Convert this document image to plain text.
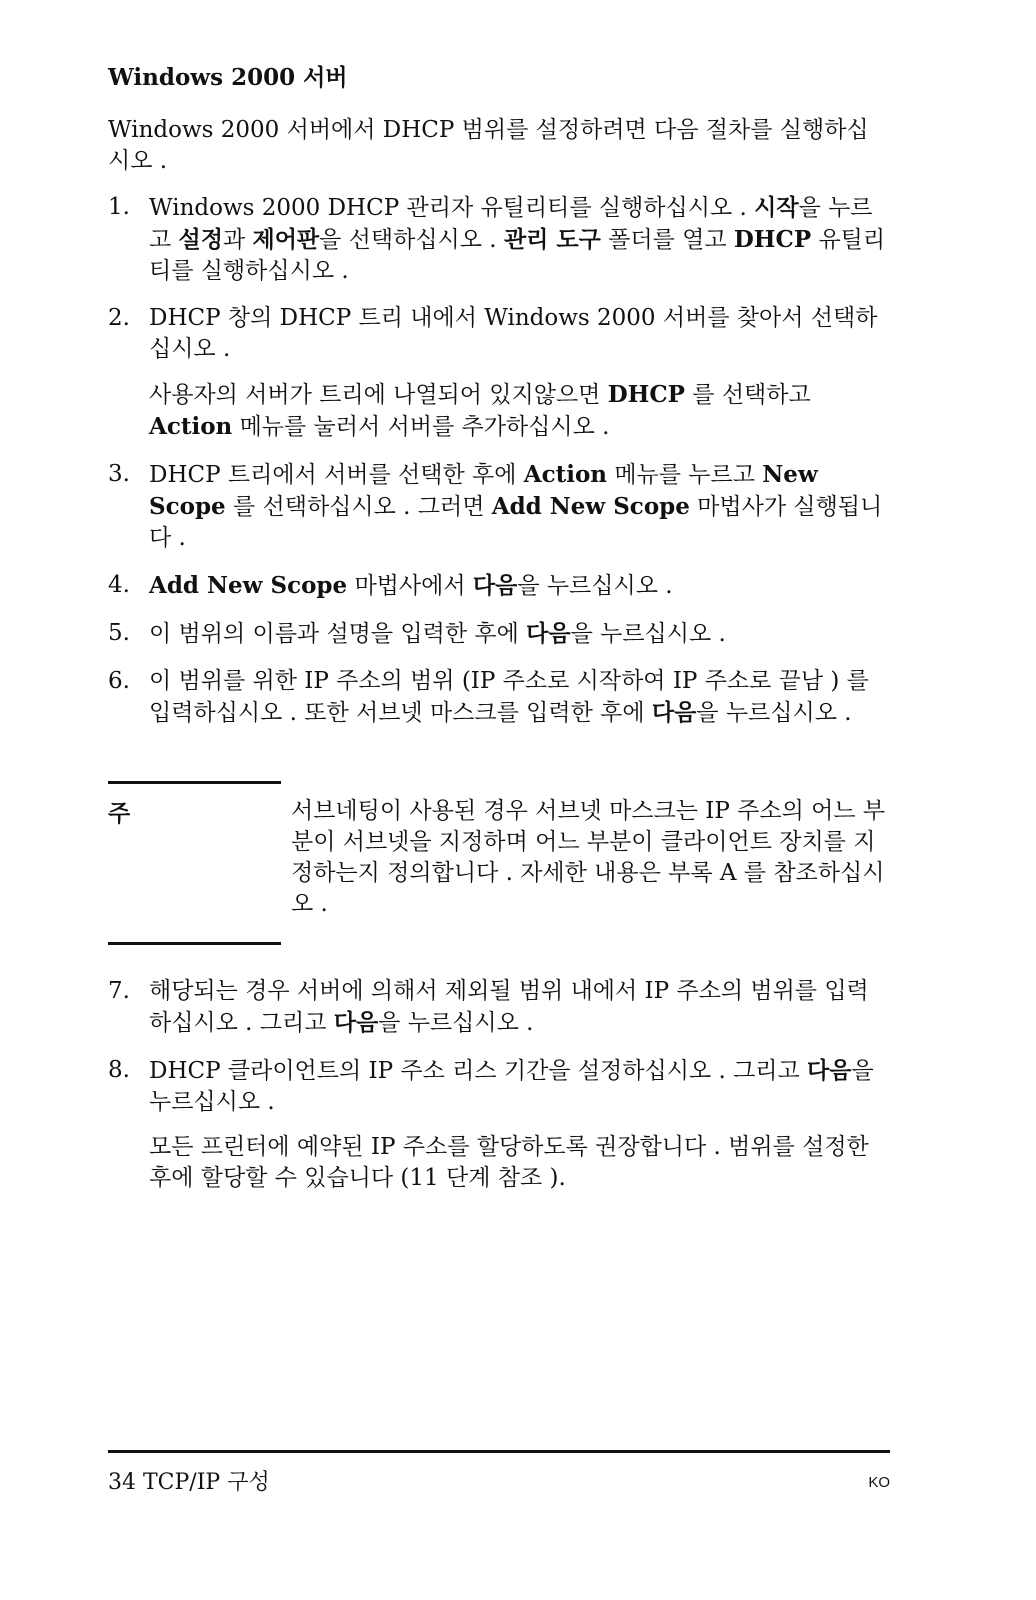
Windows 2000 서버
Windows 2000 서버에서 DHCP 범위를 설정하려면 다음 절차를 실행하십시오 .
1. Windows 2000 DHCP 관리자 유틸리티를 실행하십시오 . 시작을 누르고 설정과 제어판을 선택하십시오 . 관리 도구 폴더를 열고 DHCP 유틸리티를 실행하십시오 .
2. DHCP 창의 DHCP 트리 내에서 Windows 2000 서버를 찾아서 선택하십시오 .
사용자의 서버가 트리에 나열되어 있지않으면 DHCP 를 선택하고 Action 메뉴를 눌러서 서버를 추가하십시오 .
3. DHCP 트리에서 서버를 선택한 후에 Action 메뉴를 누르고 New Scope 를 선택하십시오 . 그러면 Add New Scope 마법사가 실행됩니다 .
4. Add New Scope 마법사에서 다음을 누르십시오 .
5. 이 범위의 이름과 설명을 입력한 후에 다음을 누르십시오 .
6. 이 범위를 위한 IP 주소의 범위 (IP 주소로 시작하여 IP 주소로 끝남 ) 를 입력하십시오 . 또한 서브넷 마스크를 입력한 후에 다음을 누르십시오 .
주	서브네팅이 사용된 경우 서브넷 마스크는 IP 주소의 어느 부분이 서브넷을 지정하며 어느 부분이 클라이언트 장치를 지정하는지 정의합니다 . 자세한 내용은 부록 A 를 참조하십시오 .
7. 해당되는 경우 서버에 의해서 제외될 범위 내에서 IP 주소의 범위를 입력하십시오 . 그리고 다음을 누르십시오 .
8. DHCP 클라이언트의 IP 주소 리스 기간을 설정하십시오 . 그리고 다음을 누르십시오 .
모든 프린터에 예약된 IP 주소를 할당하도록 권장합니다 . 범위를 설정한 후에 할당할 수 있습니다 (11 단계 참조 ).
34 TCP/IP 구성	KO
